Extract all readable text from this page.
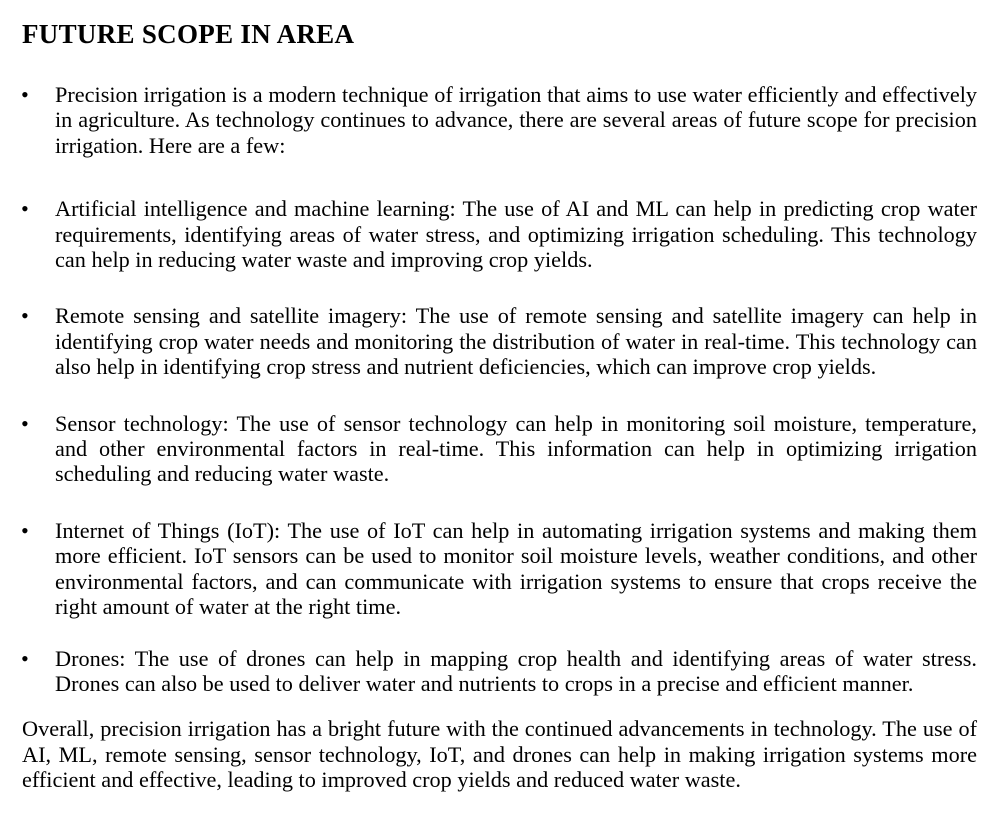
FUTURE SCOPE IN AREA
• Precision irrigation is a modern technique of irrigation that aims to use water efficiently and effectively in agriculture. As technology continues to advance, there are several areas of future scope for precision irrigation. Here are a few:
• Artificial intelligence and machine learning: The use of AI and ML can help in predicting crop water requirements, identifying areas of water stress, and optimizing irrigation scheduling. This technology can help in reducing water waste and improving crop yields.
• Remote sensing and satellite imagery: The use of remote sensing and satellite imagery can help in identifying crop water needs and monitoring the distribution of water in real-time. This technology can also help in identifying crop stress and nutrient deficiencies, which can improve crop yields.
• Sensor technology: The use of sensor technology can help in monitoring soil moisture, temperature, and other environmental factors in real-time. This information can help in optimizing irrigation scheduling and reducing water waste.
• Internet of Things (IoT): The use of IoT can help in automating irrigation systems and making them more efficient. IoT sensors can be used to monitor soil moisture levels, weather conditions, and other environmental factors, and can communicate with irrigation systems to ensure that crops receive the right amount of water at the right time.
• Drones: The use of drones can help in mapping crop health and identifying areas of water stress. Drones can also be used to deliver water and nutrients to crops in a precise and efficient manner.

Overall, precision irrigation has a bright future with the continued advancements in technology. The use of AI, ML, remote sensing, sensor technology, IoT, and drones can help in making irrigation systems more efficient and effective, leading to improved crop yields and reduced water waste.
